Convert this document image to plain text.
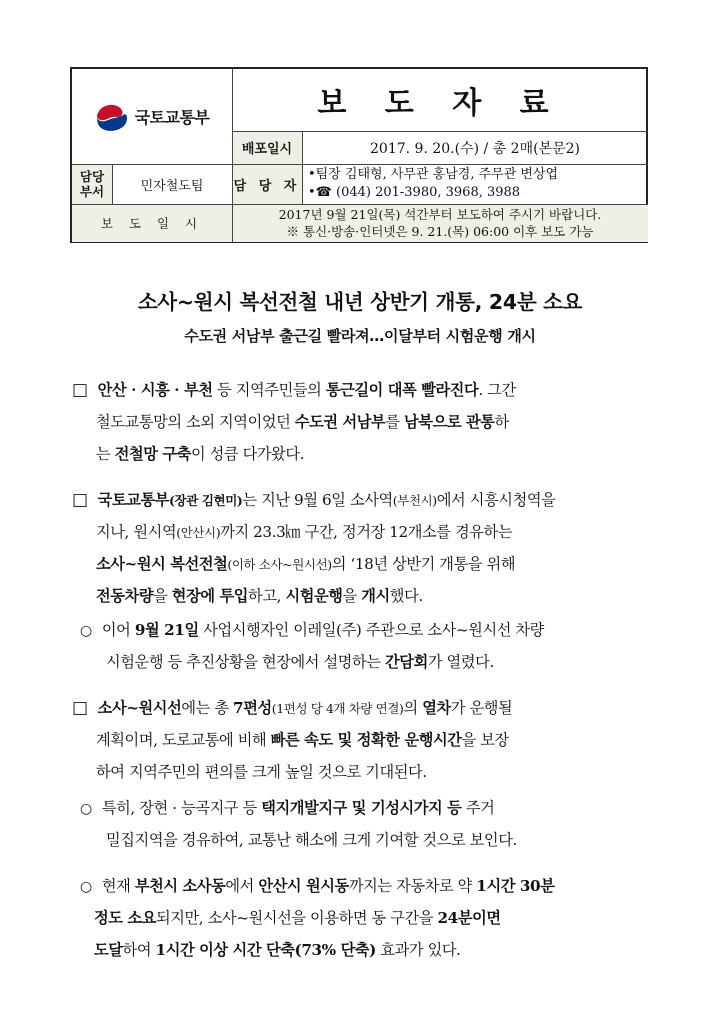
국토교통부	보 도 자 료
배포일시	2017. 9. 20.(수) / 총 2매(본문2)
담당
부서	민자철도팀	담 당 자
•팀장 김태형, 사무관 홍남경, 주무관 변상엽
•☎ (044) 201-3980, 3968, 3988
보 도 일 시
2017년 9월 21일(목) 석간부터 보도하여 주시기 바랍니다.
※ 통신·방송·인터넷은 9. 21.(목) 06:00 이후 보도 가능
소사~원시 복선전철 내년 상반기 개통, 24분 소요
수도권 서남부 출근길 빨라져…이달부터 시험운행 개시
□ 안산 · 시흥 · 부천 등 지역주민들의 통근길이 대폭 빨라진다. 그간
철도교통망의 소외 지역이었던 수도권 서남부를 남북으로 관통하
는 전철망 구축이 성큼 다가왔다.
□ 국토교통부(장관 김현미)는 지난 9월 6일 소사역(부천시)에서 시흥시청역을
지나, 원시역(안산시)까지 23.3㎞ 구간, 정거장 12개소를 경유하는
소사~원시 복선전철(이하 소사~원시선)의 ‘18년 상반기 개통을 위해
전동차량을 현장에 투입하고, 시험운행을 개시했다.
○ 이어 9월 21일 사업시행자인 이레일(주) 주관으로 소사~원시선 차량
시험운행 등 추진상황을 현장에서 설명하는 간담회가 열렸다.
□ 소사~원시선에는 총 7편성(1편성 당 4개 차량 연결)의 열차가 운행될
계획이며, 도로교통에 비해 빠른 속도 및 정확한 운행시간을 보장
하여 지역주민의 편의를 크게 높일 것으로 기대된다.
○ 특히, 장현 · 능곡지구 등 택지개발지구 및 기성시가지 등 주거
밀집지역을 경유하여, 교통난 해소에 크게 기여할 것으로 보인다.
○ 현재 부천시 소사동에서 안산시 원시동까지는 자동차로 약 1시간 30분
정도 소요되지만, 소사~원시선을 이용하면 동 구간을 24분이면
도달하여 1시간 이상 시간 단축(73% 단축) 효과가 있다.
